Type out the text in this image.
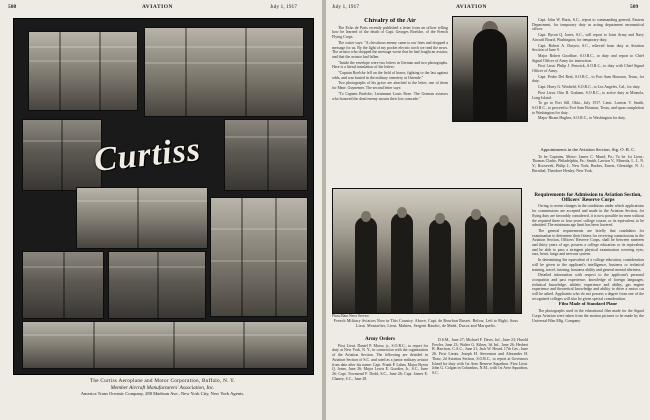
508	AVIATION	July 1, 1917
Curtiss
The Curtiss Aeroplane and Motor Corporation, Buffalo, N. Y.
Member Aircraft Manufacturers' Association, Inc.
America Trans Oceanic Company, 280 Madison Ave., New York City, New York Agents.
July 1, 1917	AVIATION	509
Chivalry of the Air

The Echo de Paris recently published a letter from an officer telling how he learned of the death of Capt. Georges Boelcke, of the French Flying Corps.

The writer says: "A chivalrous enemy came to our lines and dropped a message for us. By the light of my pocket electric torch we read the news. The aviator who dropped the message wrote that he had fought an aviator, and that the aviator had fallen.

"Inside the envelope were two letters in German and two photographs. Here is a literal translation of the letters:

"Captain Boelcke fell on the field of honor, fighting to the last against odds, and was buried in the military cemetery at Ostende."

Two photographs of his grave are attached to the letter, one of them for Mme. Guynemer. The second letter says:

"To Captain Boelcke, Lieutenant Louis Rose. The German aviators who honored the dead enemy mourn their lost comrade."

Capt. John W. Burts, S.C., report to commanding general, Eastern Department, for temporary duty as acting department aeronautical officer.

Capt. Byron Q. Jones, S.C., will report to Joint Army and Navy Aircraft Board, Washington, for temporary duty.

Capt. Robert A. Duryea, S.C., relieved from duty at Aviation Section of June 9.

Major Robert Goodhue, S.O.R.C., to duty and report to Chief Signal Officer of Army for instruction.

First Lieut. Philip J. Fenwick, S.O.R.C., to duty with Chief Signal Officer of Army.

Capt. Pedro Del Real, S.O.R.C., to Fort Sam Houston, Texas, for duty.

Capt. Harry G. Winfield, S.O.R.C., to Los Angeles, Cal., for duty.

First Lieut. Otto B. Graham, S.O.R.C., to active duty at Mineola, Long Island.

To go to Fort Sill, Okla., July 1917. Lieut. Lawton V. Smith, S.O.R.C., to proceed to Fort Sam Houston, Texas, and upon completion to Washington for duty.

Major Hiram Hughes, S.O.R.C., to Washington for duty.

Appointments in the Aviation Section, Sig. O. R. C.

To be Captains, Motor: James C. Mund, Pa.; To be 1st Lieut.: Thomas Clarke, Philadelphia, Pa.; Smith, Lawton V., Mineola, L. I., N. Y.; Roosevelt, Philip J., New York; Burkes, Ernest, Glenridge, N. J.; Bernthal, Theodore Henley, New York.

Requirements for Admission to Aviation Section, Officers' Reserve Corps

Owing to recent changes in the conditions under which applications for commissions are accepted and made in the Aviation Section, for flying duty are favorably considered, it is now possible for men without the required three or four years' college course, or its equivalent, to be admitted. The minimum age limit has been lowered.

The general requirements are briefly that candidates for examination to determine their fitness for receiving commissions in the Aviation Section, Officers' Reserve Corps, shall be between nineteen and thirty years of age, possess a college education or its equivalent, and be able to pass a stringent physical examination covering eyes, ears, heart, lungs and nervous system.

In determining the equivalent of a college education, consideration will be given to the applicant's intelligence, business or technical training, travel, tutoring, business ability and general mental alertness.

Detailed information with respect to the applicant's personal occupation and past experience, knowledge of foreign languages, technical knowledge, athletic experience and ability, gas engine experience and theoretical knowledge and ability to drive a motor car will be asked. Applicants who do not possess a degree from one of the recognized colleges will also be given special consideration.

Film Made of Standard Plane

The photographs used in the educational film made for the Signal Corps Aviation were taken from the motion pictures to be made by the Universal Film Mfg. Company.

Photo Bain News Service.
French Military Aviators Now in This Country. Above, Capt. de Bourbon Busset. Below, Left to Right, Sous Lieut. Montarlier, Lieut. Mahieu, Sergent Baudot, de Mahé, Ducos and Marquelis.
Army Orders

First Lieut. Daniel P. Morse, jr., S.O.R.C., to report for duty at New York, N. Y., in connection with the organization of the Aviation Section. The following are detailed in Aviation Section of S.C. and rated as a junior military aviator from date after his name: Capt. Frank P. Lahm, Major Byron Q. Jones, June 26; Major Lewis E. Goodier, Jr., S.C., June 26; Capt. Townsend F. Dodd, S.C., June 26; Capt. James E. Chaney, S.C., June 28.

D.S.M., June 27; Michael F. Davis, Inf., June 23; Harold Fowler, June 23; Walter G. Kilner, 3d Inf., June 26; Herbert B. Harrison, C.A.C., June 21; Jack W. Heard, 17th Cav., June 26. First Lieuts. Joseph H. Stevenson and Alexander H. Thaw, 2d Aviation Section, S.O.R.C., to report at Governors Island for duty with 1st Aero Reserve Squadron. First Lieut. John G. Colgan in Columbus, N.M., with 1st Aero Squadron, S.C.
